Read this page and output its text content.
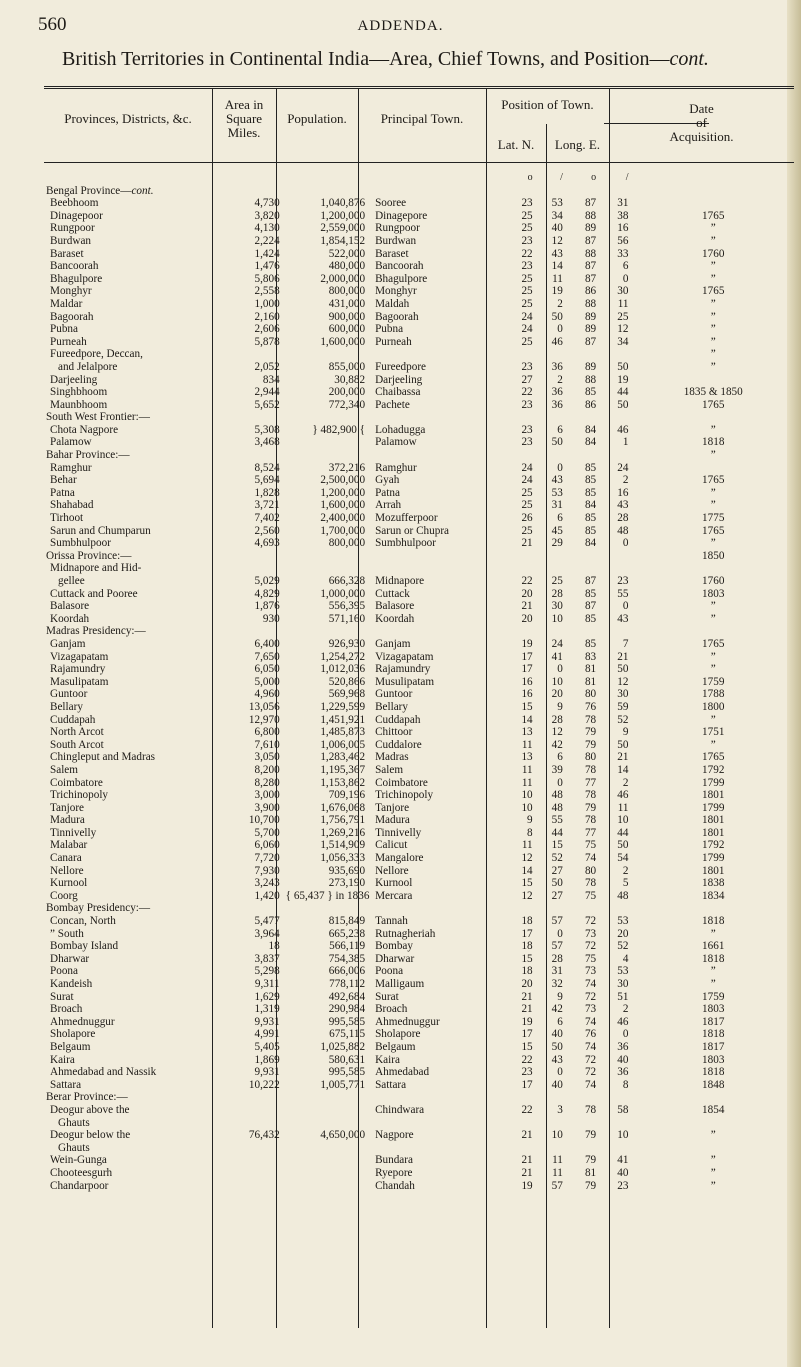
560	ADDENDA.
British Territories in Continental India—Area, Chief Towns, and Position—cont.
Provinces, Districts, &c.
Area in
Square
Miles.
Population.	Principal Town.
Position of Town.
Lat. N.	Long. E.
Date
of
Acquisition.
				o	/	o	/	
Bengal Province—cont.								
Beebhoom	4,730	1,040,876	Sooree	23	53	87	31	
Dinagepoor	3,820	1,200,000	Dinagepore	25	34	88	38	1765
Rungpoor	4,130	2,559,000	Rungpoor	25	40	89	16	”
Burdwan	2,224	1,854,152	Burdwan	23	12	87	56	”
Baraset	1,424	522,000	Baraset	22	43	88	33	1760
Bancoorah	1,476	480,000	Bancoorah	23	14	87	6	”
Bhagulpore	5,806	2,000,000	Bhagulpore	25	11	87	0	”
Monghyr	2,558	800,000	Monghyr	25	19	86	30	1765
Maldar	1,000	431,000	Maldah	25	2	88	11	”
Bagoorah	2,160	900,000	Bagoorah	24	50	89	25	”
Pubna	2,606	600,000	Pubna	24	0	89	12	”
Purneah	5,878	1,600,000	Purneah	25	46	87	34	”
Fureedpore, Deccan,								”
and Jelalpore	2,052	855,000	Fureedpore	23	36	89	50	”
Darjeeling	834	30,882	Darjeeling	27	2	88	19	
Singhbhoom	2,944	200,000	Chaibassa	22	36	85	44	1835 & 1850
Maunbhoom	5,652	772,340	Pachete	23	36	86	50	1765
South West Frontier:—								
Chota Nagpore	5,308	} 482,900 {	Lohadugga	23	6	84	46	”
Palamow	3,468		Palamow	23	50	84	1	1818
Bahar Province:—								”
Ramghur	8,524	372,216	Ramghur	24	0	85	24	
Behar	5,694	2,500,000	Gyah	24	43	85	2	1765
Patna	1,828	1,200,000	Patna	25	53	85	16	”
Shahabad	3,721	1,600,000	Arrah	25	31	84	43	”
Tirhoot	7,402	2,400,000	Mozufferpoor	26	6	85	28	1775
Sarun and Chumparun	2,560	1,700,000	Sarun or Chupra	25	45	85	48	1765
Sumbhulpoor	4,693	800,000	Sumbhulpoor	21	29	84	0	”
Orissa Province:—								1850
Midnapore and Hid-								
gellee	5,029	666,328	Midnapore	22	25	87	23	1760
Cuttack and Pooree	4,829	1,000,000	Cuttack	20	28	85	55	1803
Balasore	1,876	556,395	Balasore	21	30	87	0	”
Koordah	930	571,160	Koordah	20	10	85	43	”
Madras Presidency:—								
Ganjam	6,400	926,930	Ganjam	19	24	85	7	1765
Vizagapatam	7,650	1,254,272	Vizagapatam	17	41	83	21	”
Rajamundry	6,050	1,012,036	Rajamundry	17	0	81	50	”
Masulipatam	5,000	520,866	Musulipatam	16	10	81	12	1759
Guntoor	4,960	569,968	Guntoor	16	20	80	30	1788
Bellary	13,056	1,229,599	Bellary	15	9	76	59	1800
Cuddapah	12,970	1,451,921	Cuddapah	14	28	78	52	”
North Arcot	6,800	1,485,873	Chittoor	13	12	79	9	1751
South Arcot	7,610	1,006,005	Cuddalore	11	42	79	50	”
Chingleput and Madras	3,050	1,283,462	Madras	13	6	80	21	1765
Salem	8,200	1,195,367	Salem	11	39	78	14	1792
Coimbatore	8,280	1,153,862	Coimbatore	11	0	77	2	1799
Trichinopoly	3,000	709,196	Trichinopoly	10	48	78	46	1801
Tanjore	3,900	1,676,068	Tanjore	10	48	79	11	1799
Madura	10,700	1,756,791	Madura	9	55	78	10	1801
Tinnivelly	5,700	1,269,216	Tinnivelly	8	44	77	44	1801
Malabar	6,060	1,514,909	Calicut	11	15	75	50	1792
Canara	7,720	1,056,333	Mangalore	12	52	74	54	1799
Nellore	7,930	935,690	Nellore	14	27	80	2	1801
Kurnool	3,243	273,190	Kurnool	15	50	78	5	1838
Coorg	1,420	{ 65,437 } in 1836	Mercara	12	27	75	48	1834
Bombay Presidency:—								
Concan, North	5,477	815,849	Tannah	18	57	72	53	1818
” South	3,964	665,238	Rutnagheriah	17	0	73	20	”
Bombay Island	18	566,119	Bombay	18	57	72	52	1661
Dharwar	3,837	754,385	Dharwar	15	28	75	4	1818
Poona	5,298	666,006	Poona	18	31	73	53	”
Kandeish	9,311	778,112	Malligaum	20	32	74	30	”
Surat	1,629	492,684	Surat	21	9	72	51	1759
Broach	1,319	290,984	Broach	21	42	73	2	1803
Ahmednuggur	9,931	995,585	Ahmednuggur	19	6	74	46	1817
Sholapore	4,991	675,115	Sholapore	17	40	76	0	1818
Belgaum	5,405	1,025,882	Belgaum	15	50	74	36	1817
Kaira	1,869	580,631	Kaira	22	43	72	40	1803
Ahmedabad and Nassik	9,931	995,585	Ahmedabad	23	0	72	36	1818
Sattara	10,222	1,005,771	Sattara	17	40	74	8	1848
Berar Province:—								
Deogur above the			Chindwara	22	3	78	58	1854
Ghauts								
Deogur below the	76,432	4,650,000	Nagpore	21	10	79	10	”
Ghauts								
Wein-Gunga			Bundara	21	11	79	41	”
Chooteesgurh			Ryepore	21	11	81	40	”
Chandarpoor			Chandah	19	57	79	23	”
